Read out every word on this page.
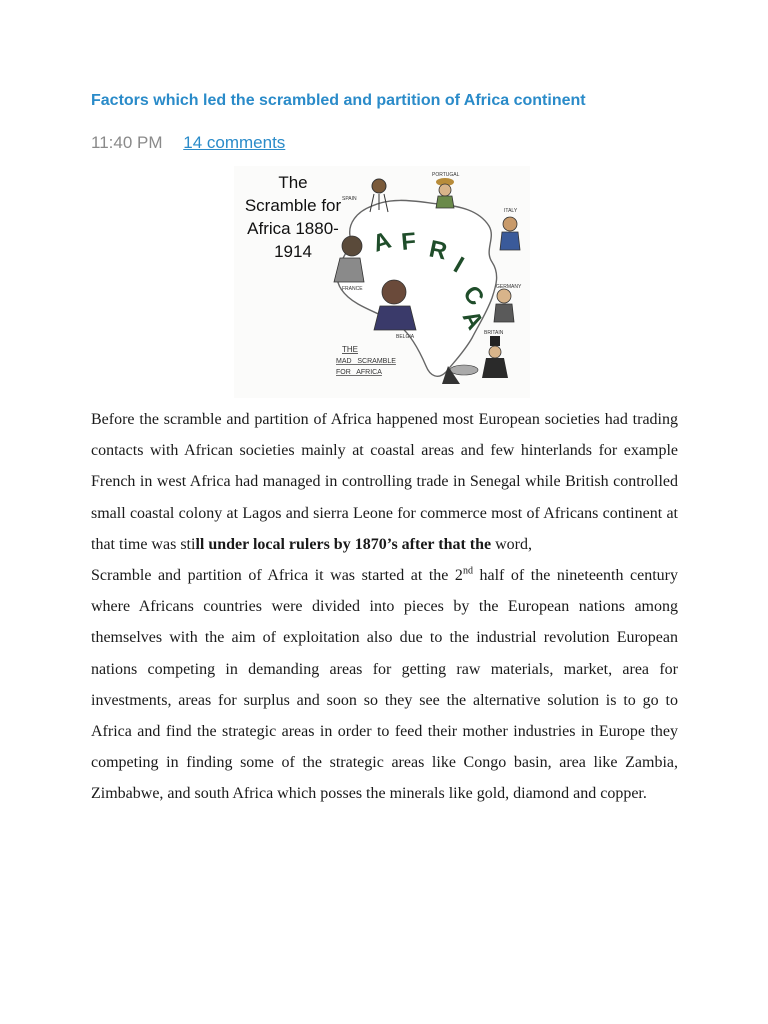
Factors which led the scrambled and partition of Africa continent
11:40 PM 14 comments
A F R I
C
A
SPAIN
PORTUGAL
ITALY
FRANCE	GERMANY
BELGIA
BRITAIN
THE
MAD   SCRAMBLE
FOR   AFRICA
The
Scramble for
Africa 1880-
1914

Before the scramble and partition of Africa happened most European societies had trading contacts with African societies mainly at coastal areas and few hinterlands for example French in west Africa had managed in controlling trade in Senegal while British controlled small coastal colony at Lagos and sierra Leone for commerce most of Africans continent at that time was still under local rulers by 1870’s after that the word,

Scramble and partition of Africa it was started at the 2nd half of the nineteenth century where Africans countries were divided into pieces by the European nations among themselves with the aim of exploitation also due to the industrial revolution European nations competing in demanding areas for getting raw materials, market, area for investments, areas for surplus and soon so they see the alternative solution is to go to Africa and find the strategic areas in order to feed their mother industries in Europe they competing in finding some of the strategic areas like Congo basin, area like Zambia, Zimbabwe, and south Africa which posses the minerals like gold, diamond and copper.
